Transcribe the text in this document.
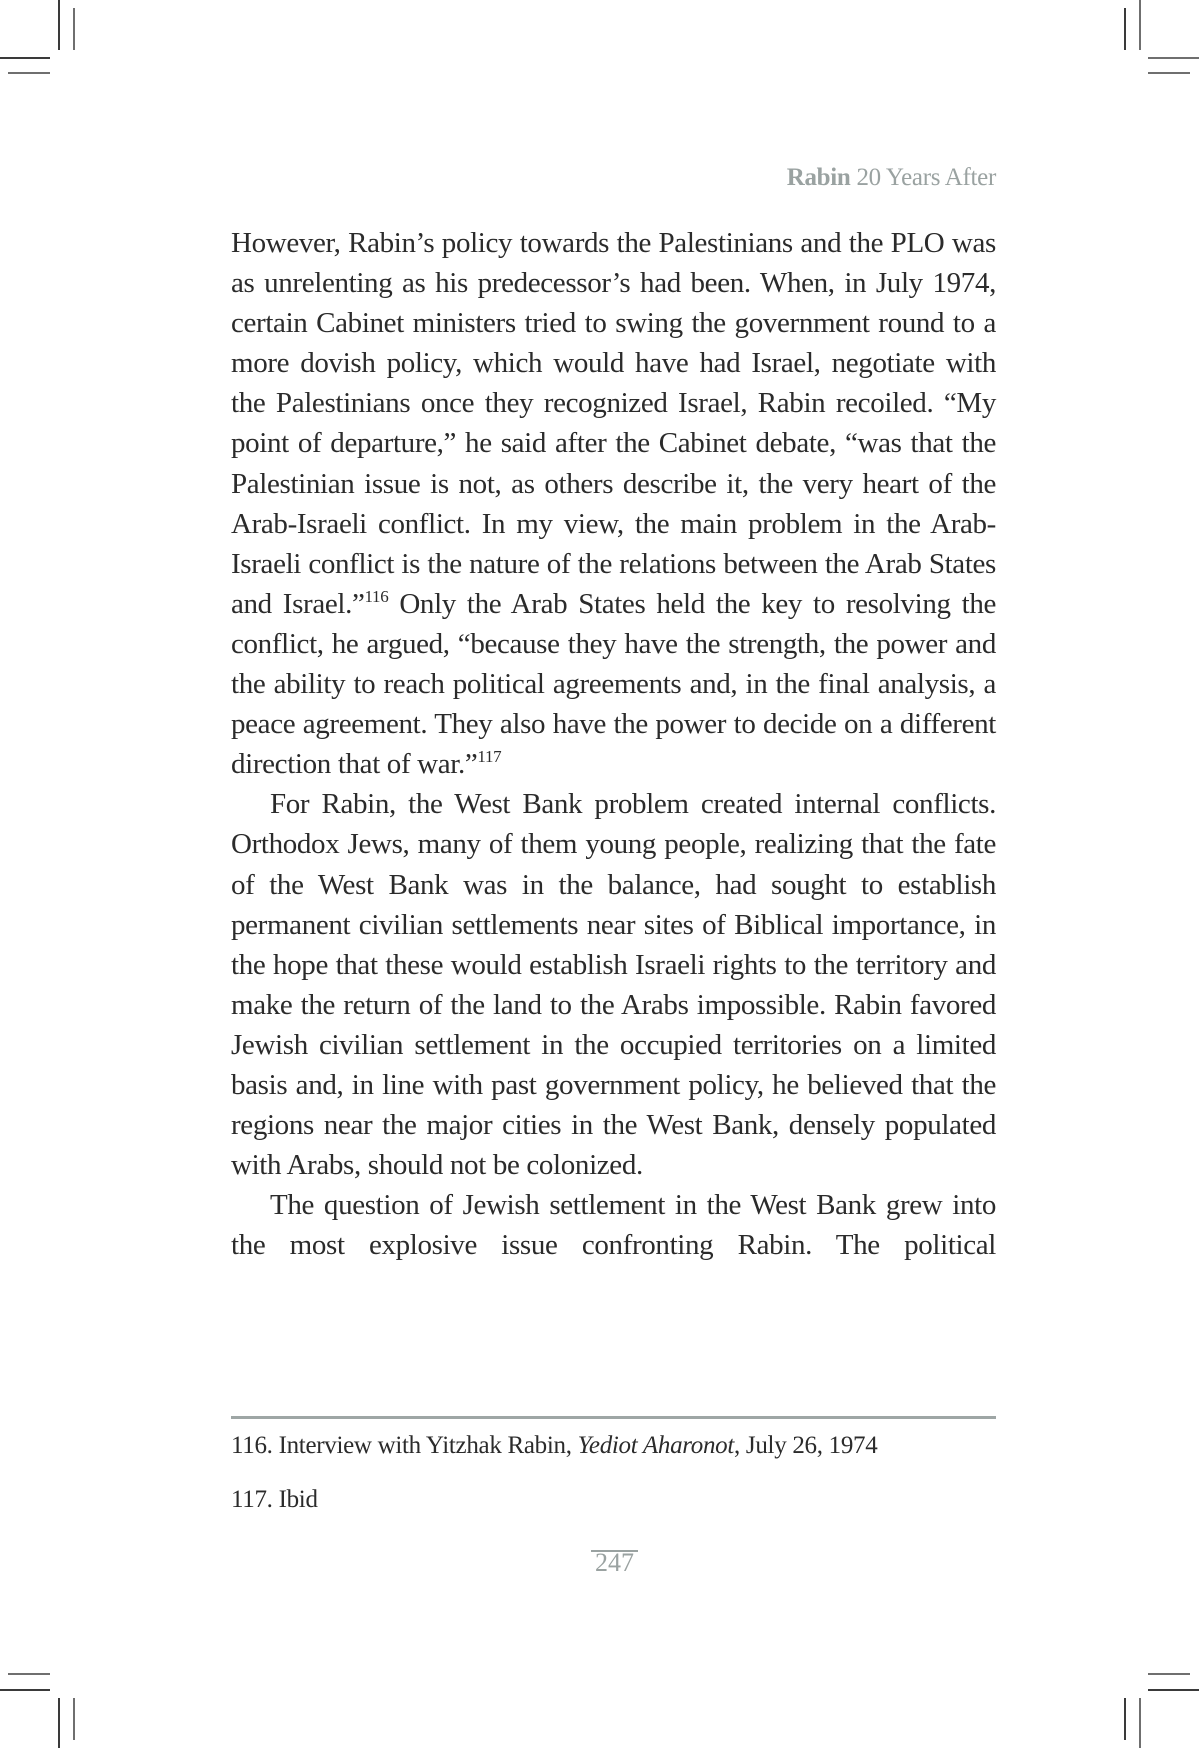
Rabin 20 Years After

However, Rabin’s policy towards the Palestinians and the PLO was as unrelenting as his predecessor’s had been. When, in July 1974, certain Cabinet ministers tried to swing the government round to a more dovish policy, which would have had Israel, negotiate with the Palestinians once they recognized Israel, Rabin recoiled. “My point of departure,” he said after the Cabinet debate, “was that the Palestinian issue is not, as others describe it, the very heart of the Arab-Israeli conflict. In my view, the main problem in the Arab-Israeli conflict is the nature of the relations between the Arab States and Israel.”$^{116}$ Only the Arab States held the key to resolving the conflict, he argued, “because they have the strength, the power and the ability to reach political agreements and, in the final analysis, a peace agreement. They also have the power to decide on a different direction that of war.”$^{117}$

For Rabin, the West Bank problem created internal conflicts. Orthodox Jews, many of them young people, realizing that the fate of the West Bank was in the balance, had sought to establish permanent civilian settlements near sites of Biblical importance, in the hope that these would establish Israeli rights to the territory and make the return of the land to the Arabs impossible. Rabin favored Jewish civilian settlement in the occupied territories on a limited basis and, in line with past government policy, he believed that the regions near the major cities in the West Bank, densely populated with Arabs, should not be colonized.

The question of Jewish settlement in the West Bank grew into the most explosive issue confronting Rabin. The political

116. Interview with Yitzhak Rabin, Yediot Aharonot, July 26, 1974
117. Ibid
247
